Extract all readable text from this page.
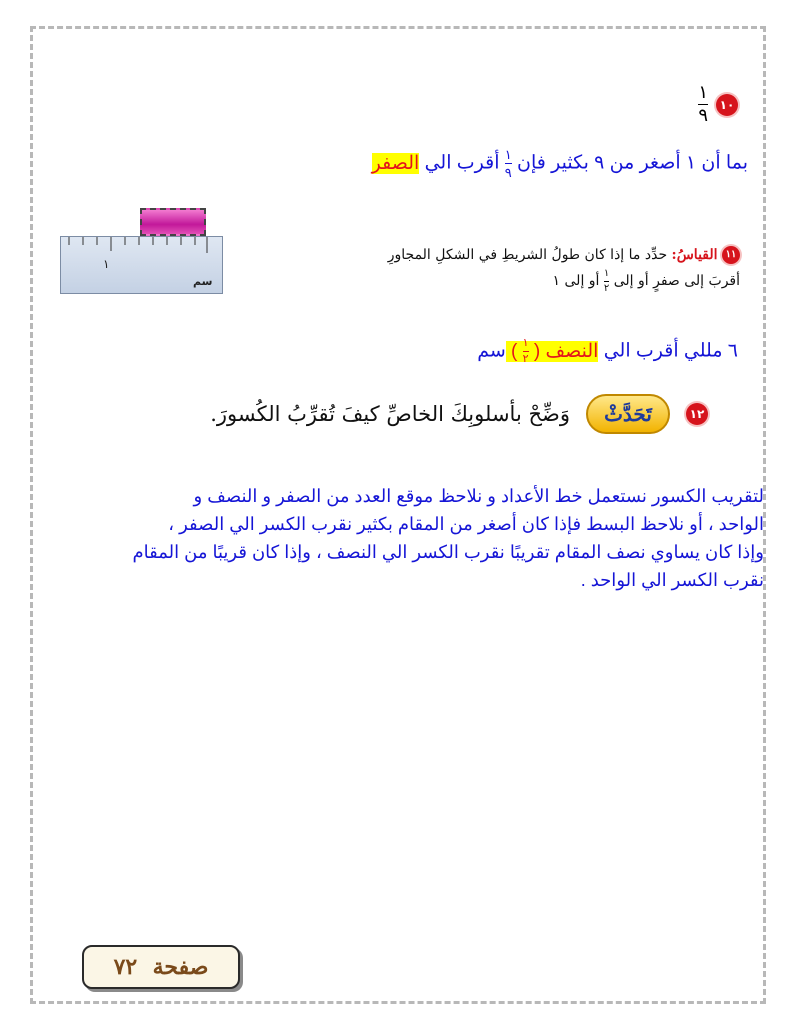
١٠
$\frac{١}{٩}$
بما أن ١ أصغر من ٩ بكثير فإن
$\frac{١}{٩}$
أقرب الي الصفر
١
سم
١١ القياسُ: حدِّد ما إذا كان طولُ الشريطِ في الشكلِ المجاورِ
أقربَ إلى صفرٍ أو إلى
$\frac{١}{٢}$
أو إلى ١
٦ مللي أقرب الي النصف (
$\frac{١}{٢}$
) سم
١٢
تَحَدَّثْ
وَضِّحْ بأسلوبِكَ الخاصِّ كيفَ تُقرِّبُ الكُسورَ.
لتقريب الكسور نستعمل خط الأعداد و نلاحظ موقع العدد من الصفر و النصف و
الواحد ، أو نلاحظ البسط فإذا كان أصغر من المقام بكثير نقرب الكسر الي الصفر ،
وإذا كان يساوي نصف المقام تقريبًا نقرب الكسر الي النصف ، وإذا كان قريبًا من المقام
نقرب الكسر الي الواحد .
صفحة

٧٢
